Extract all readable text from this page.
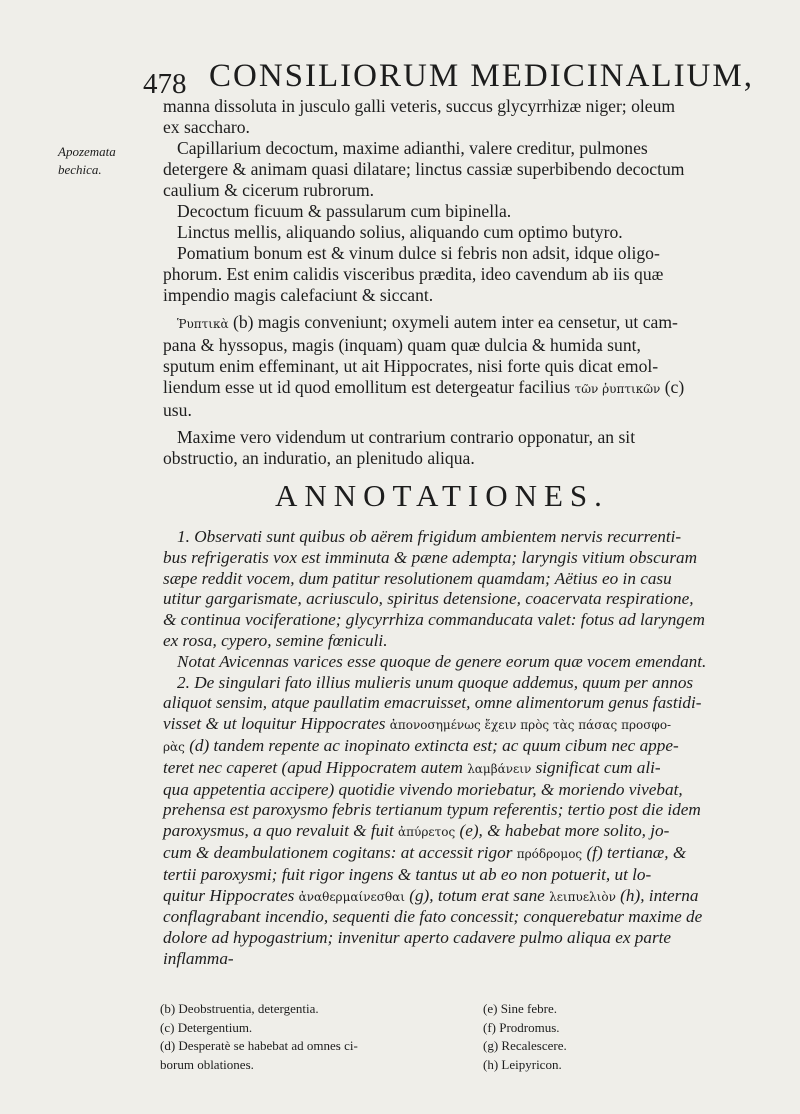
478 CONSILIORUM MEDICINALIUM,
Apozemata
bechica.

manna dissoluta in jusculo galli veteris, succus glycyrrhizæ niger; oleum

ex saccharo.

Capillarium decoctum, maxime adianthi, valere creditur, pulmones

detergere & animam quasi dilatare; linctus cassiæ superbibendo decoctum

caulium & cicerum rubrorum.

Decoctum ficuum & passularum cum bipinella.

Linctus mellis, aliquando solius, aliquando cum optimo butyro.

Pomatium bonum est & vinum dulce si febris non adsit, idque oligo-

phorum. Est enim calidis visceribus prædita, ideo cavendum ab iis quæ

impendio magis calefaciunt & siccant.

Ῥυπτικὰ (b) magis conveniunt; oxymeli autem inter ea censetur, ut cam-

pana & hyssopus, magis (inquam) quam quæ dulcia & humida sunt,

sputum enim effeminant, ut ait Hippocrates, nisi forte quis dicat emol-

liendum esse ut id quod emollitum est detergeatur facilius τῶν ῥυπτικῶν (c)

usu.

Maxime vero videndum ut contrarium contrario opponatur, an sit

obstructio, an induratio, an plenitudo aliqua.

ANNOTATIONES.

1. Observati sunt quibus ob aërem frigidum ambientem nervis recurrenti-

bus refrigeratis vox est imminuta & pæne adempta; laryngis vitium obscuram

sæpe reddit vocem, dum patitur resolutionem quamdam; Aëtius eo in casu

utitur gargarismate, acriusculo, spiritus detensione, coacervata respiratione,

& continua vociferatione; glycyrrhiza commanducata valet: fotus ad laryngem

ex rosa, cypero, semine fœniculi.

Notat Avicennas varices esse quoque de genere eorum quæ vocem emendant.

2. De singulari fato illius mulieris unum quoque addemus, quum per annos

aliquot sensim, atque paullatim emacruisset, omne alimentorum genus fastidi-

visset & ut loquitur Hippocrates ἀπονοσημένως ἔχειν πρὸς τὰς πάσας προσφο-

ρὰς (d) tandem repente ac inopinato extincta est; ac quum cibum nec appe-

teret nec caperet (apud Hippocratem autem λαμβάνειν significat cum ali-

qua appetentia accipere) quotidie vivendo moriebatur, & moriendo vivebat,

prehensa est paroxysmo febris tertianum typum referentis; tertio post die idem

paroxysmus, a quo revaluit & fuit ἀπύρετος (e), & habebat more solito, jo-

cum & deambulationem cogitans: at accessit rigor πρόδρομος (f) tertianæ, &

tertii paroxysmi; fuit rigor ingens & tantus ut ab eo non potuerit, ut lo-

quitur Hippocrates ἀναθερμαίνεσθαι (g), totum erat sane λειπυελιὸν (h), interna

conflagrabant incendio, sequenti die fato concessit; conquerebatur maxime de

dolore ad hypogastrium; invenitur aperto cadavere pulmo aliqua ex parte

inflamma-

(b) Deobstruentia, detergentia.

(c) Detergentium.

(d) Desperatè se habebat ad omnes ci-

borum oblationes.

(e) Sine febre.

(f) Prodromus.

(g) Recalescere.

(h) Leipyricon.
